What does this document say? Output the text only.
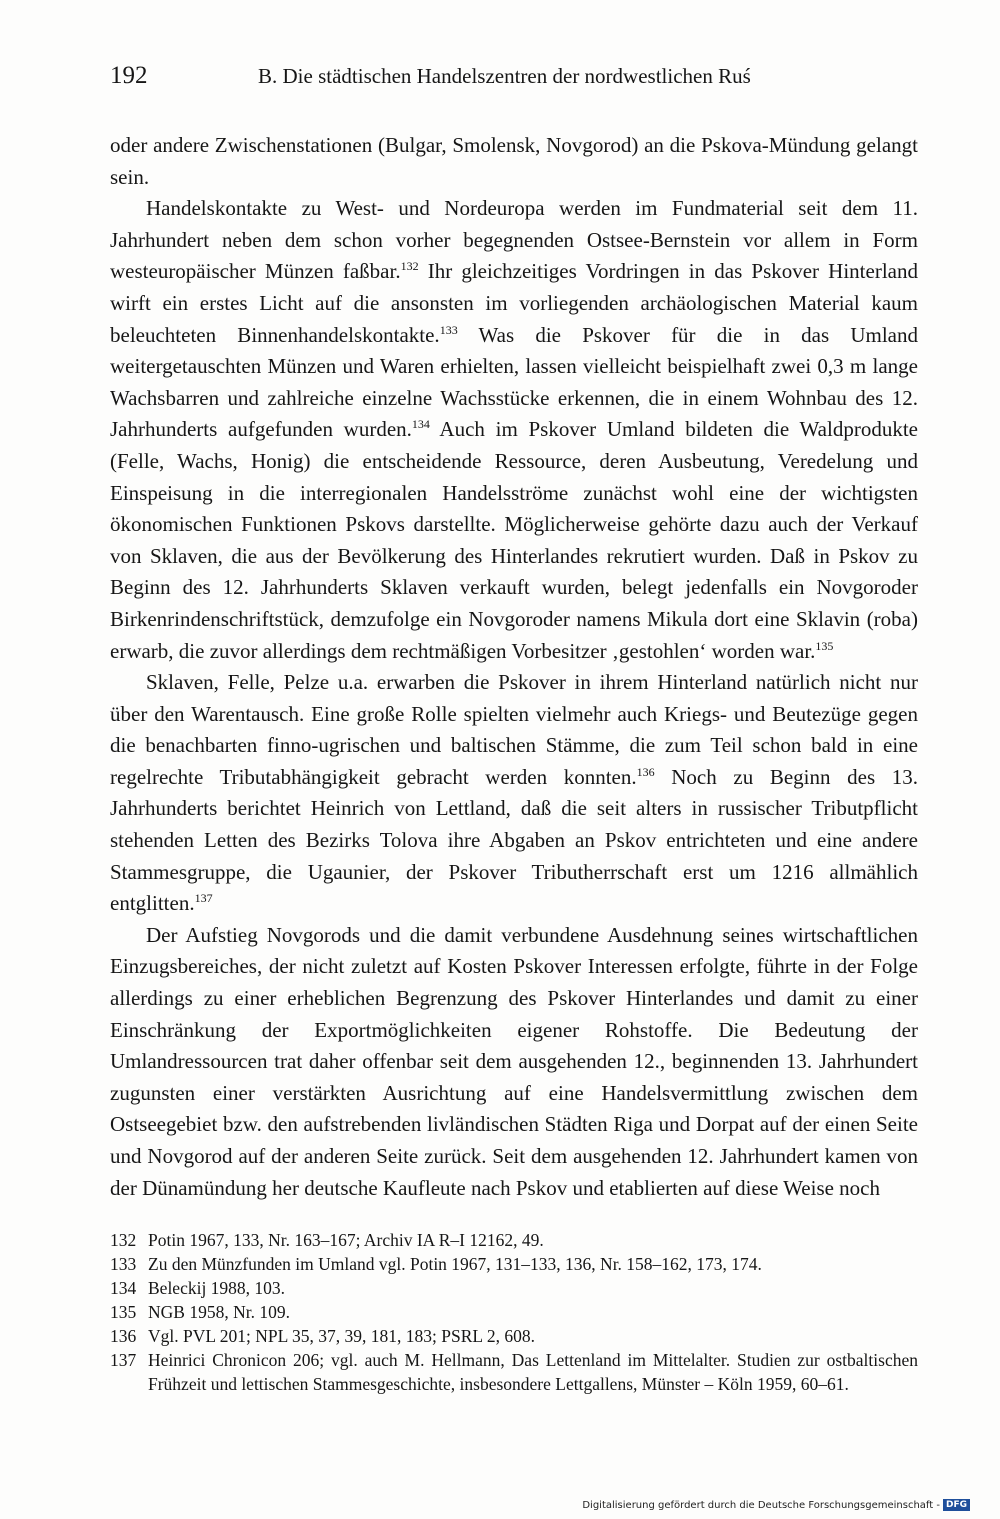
192	B. Die städtischen Handelszentren der nordwestlichen Ruś

oder andere Zwischenstationen (Bulgar, Smolensk, Novgorod) an die Pskova-Mündung gelangt sein.

Handelskontakte zu West- und Nordeuropa werden im Fundmaterial seit dem 11. Jahrhundert neben dem schon vorher begegnenden Ostsee-Bernstein vor allem in Form westeuropäischer Münzen faßbar.$^{132}$ Ihr gleichzeitiges Vordringen in das Pskover Hinterland wirft ein erstes Licht auf die ansonsten im vorliegenden archäologischen Material kaum beleuchteten Binnenhandelskontakte.$^{133}$ Was die Pskover für die in das Umland weitergetauschten Münzen und Waren erhielten, lassen vielleicht beispielhaft zwei 0,3 m lange Wachsbarren und zahlreiche einzelne Wachsstücke erkennen, die in einem Wohnbau des 12. Jahrhunderts aufgefunden wurden.$^{134}$ Auch im Pskover Umland bildeten die Waldprodukte (Felle, Wachs, Honig) die entscheidende Ressource, deren Ausbeutung, Veredelung und Einspeisung in die interregionalen Handelsströme zunächst wohl eine der wichtigsten ökonomischen Funktionen Pskovs darstellte. Möglicherweise gehörte dazu auch der Verkauf von Sklaven, die aus der Bevölkerung des Hinterlandes rekrutiert wurden. Daß in Pskov zu Beginn des 12. Jahrhunderts Sklaven verkauft wurden, belegt jedenfalls ein Novgoroder Birkenrindenschriftstück, demzufolge ein Novgoroder namens Mikula dort eine Sklavin (roba) erwarb, die zuvor allerdings dem rechtmäßigen Vorbesitzer ‚gestohlen‘ worden war.$^{135}$

Sklaven, Felle, Pelze u.a. erwarben die Pskover in ihrem Hinterland natürlich nicht nur über den Warentausch. Eine große Rolle spielten vielmehr auch Kriegs- und Beutezüge gegen die benachbarten finno-ugrischen und baltischen Stämme, die zum Teil schon bald in eine regelrechte Tributabhängigkeit gebracht werden konnten.$^{136}$ Noch zu Beginn des 13. Jahrhunderts berichtet Heinrich von Lettland, daß die seit alters in russischer Tributpflicht stehenden Letten des Bezirks Tolova ihre Abgaben an Pskov entrichteten und eine andere Stammesgruppe, die Ugaunier, der Pskover Tributherrschaft erst um 1216 allmählich entglitten.$^{137}$

Der Aufstieg Novgorods und die damit verbundene Ausdehnung seines wirtschaftlichen Einzugsbereiches, der nicht zuletzt auf Kosten Pskover Interessen erfolgte, führte in der Folge allerdings zu einer erheblichen Begrenzung des Pskover Hinterlandes und damit zu einer Einschränkung der Exportmöglichkeiten eigener Rohstoffe. Die Bedeutung der Umlandressourcen trat daher offenbar seit dem ausgehenden 12., beginnenden 13. Jahrhundert zugunsten einer verstärkten Ausrichtung auf eine Handelsvermittlung zwischen dem Ostseegebiet bzw. den aufstrebenden livländischen Städten Riga und Dorpat auf der einen Seite und Novgorod auf der anderen Seite zurück. Seit dem ausgehenden 12. Jahrhundert kamen von der Dünamündung her deutsche Kaufleute nach Pskov und etablierten auf diese Weise noch

132 Potin 1967, 133, Nr. 163–167; Archiv IA R–I 12162, 49.
133 Zu den Münzfunden im Umland vgl. Potin 1967, 131–133, 136, Nr. 158–162, 173, 174.
134 Beleckij 1988, 103.
135 NGB 1958, Nr. 109.
136 Vgl. PVL 201; NPL 35, 37, 39, 181, 183; PSRL 2, 608.
137 Heinrici Chronicon 206; vgl. auch M. Hellmann, Das Lettenland im Mittelalter. Studien zur ostbaltischen Frühzeit und lettischen Stammesgeschichte, insbesondere Lettgallens, Münster – Köln 1959, 60–61.
Digitalisierung gefördert durch die Deutsche Forschungsgemeinschaft - DFG
